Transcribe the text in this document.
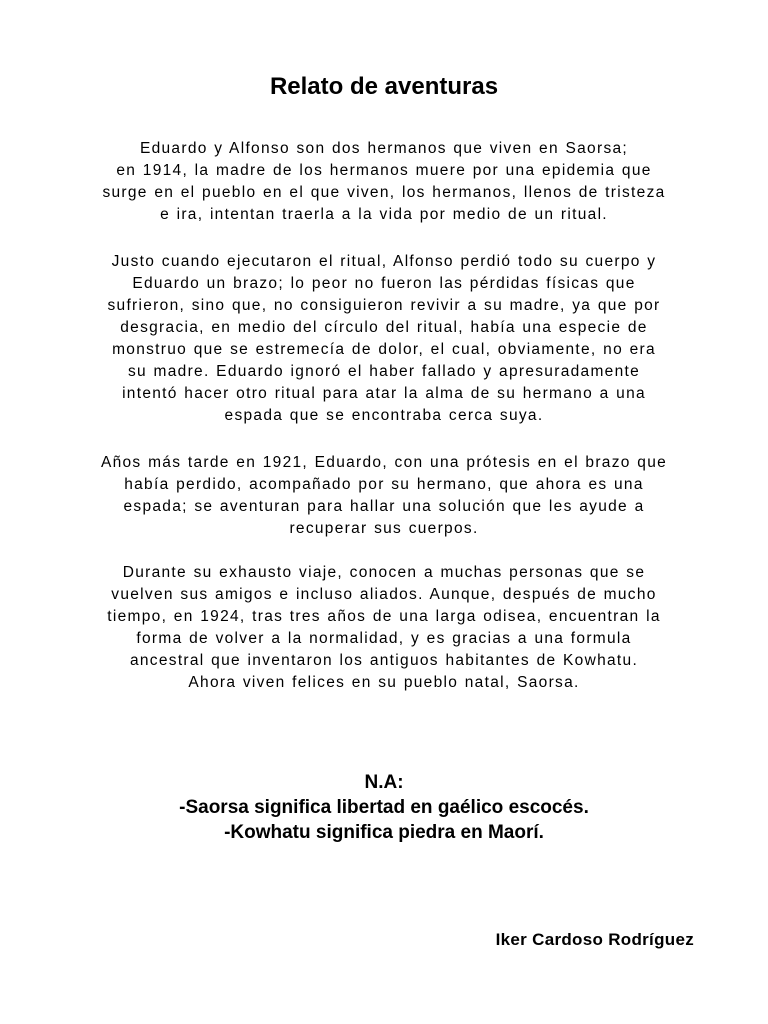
Relato de aventuras

Eduardo y Alfonso son dos hermanos que viven en Saorsa;
en 1914, la madre de los hermanos muere por una epidemia que
surge en el pueblo en el que viven, los hermanos, llenos de tristeza
e ira, intentan traerla a la vida por medio de un ritual.

Justo cuando ejecutaron el ritual, Alfonso perdió todo su cuerpo y
Eduardo un brazo; lo peor no fueron las pérdidas físicas que
sufrieron, sino que, no consiguieron revivir a su madre, ya que por
desgracia, en medio del círculo del ritual, había una especie de
monstruo que se estremecía de dolor, el cual, obviamente, no era
su madre. Eduardo ignoró el haber fallado y apresuradamente
intentó hacer otro ritual para atar la alma de su hermano a una
espada que se encontraba cerca suya.

Años más tarde en 1921, Eduardo, con una prótesis en el brazo que
había perdido, acompañado por su hermano, que ahora es una
espada; se aventuran para hallar una solución que les ayude a
recuperar sus cuerpos.

Durante su exhausto viaje, conocen a muchas personas que se
vuelven sus amigos e incluso aliados. Aunque, después de mucho
tiempo, en 1924, tras tres años de una larga odisea, encuentran la
forma de volver a la normalidad, y es gracias a una formula
ancestral que inventaron los antiguos habitantes de Kowhatu.
Ahora viven felices en su pueblo natal, Saorsa.

N.A:
-Saorsa significa libertad en gaélico escocés.
-Kowhatu significa piedra en Maorí.

Iker Cardoso Rodríguez
